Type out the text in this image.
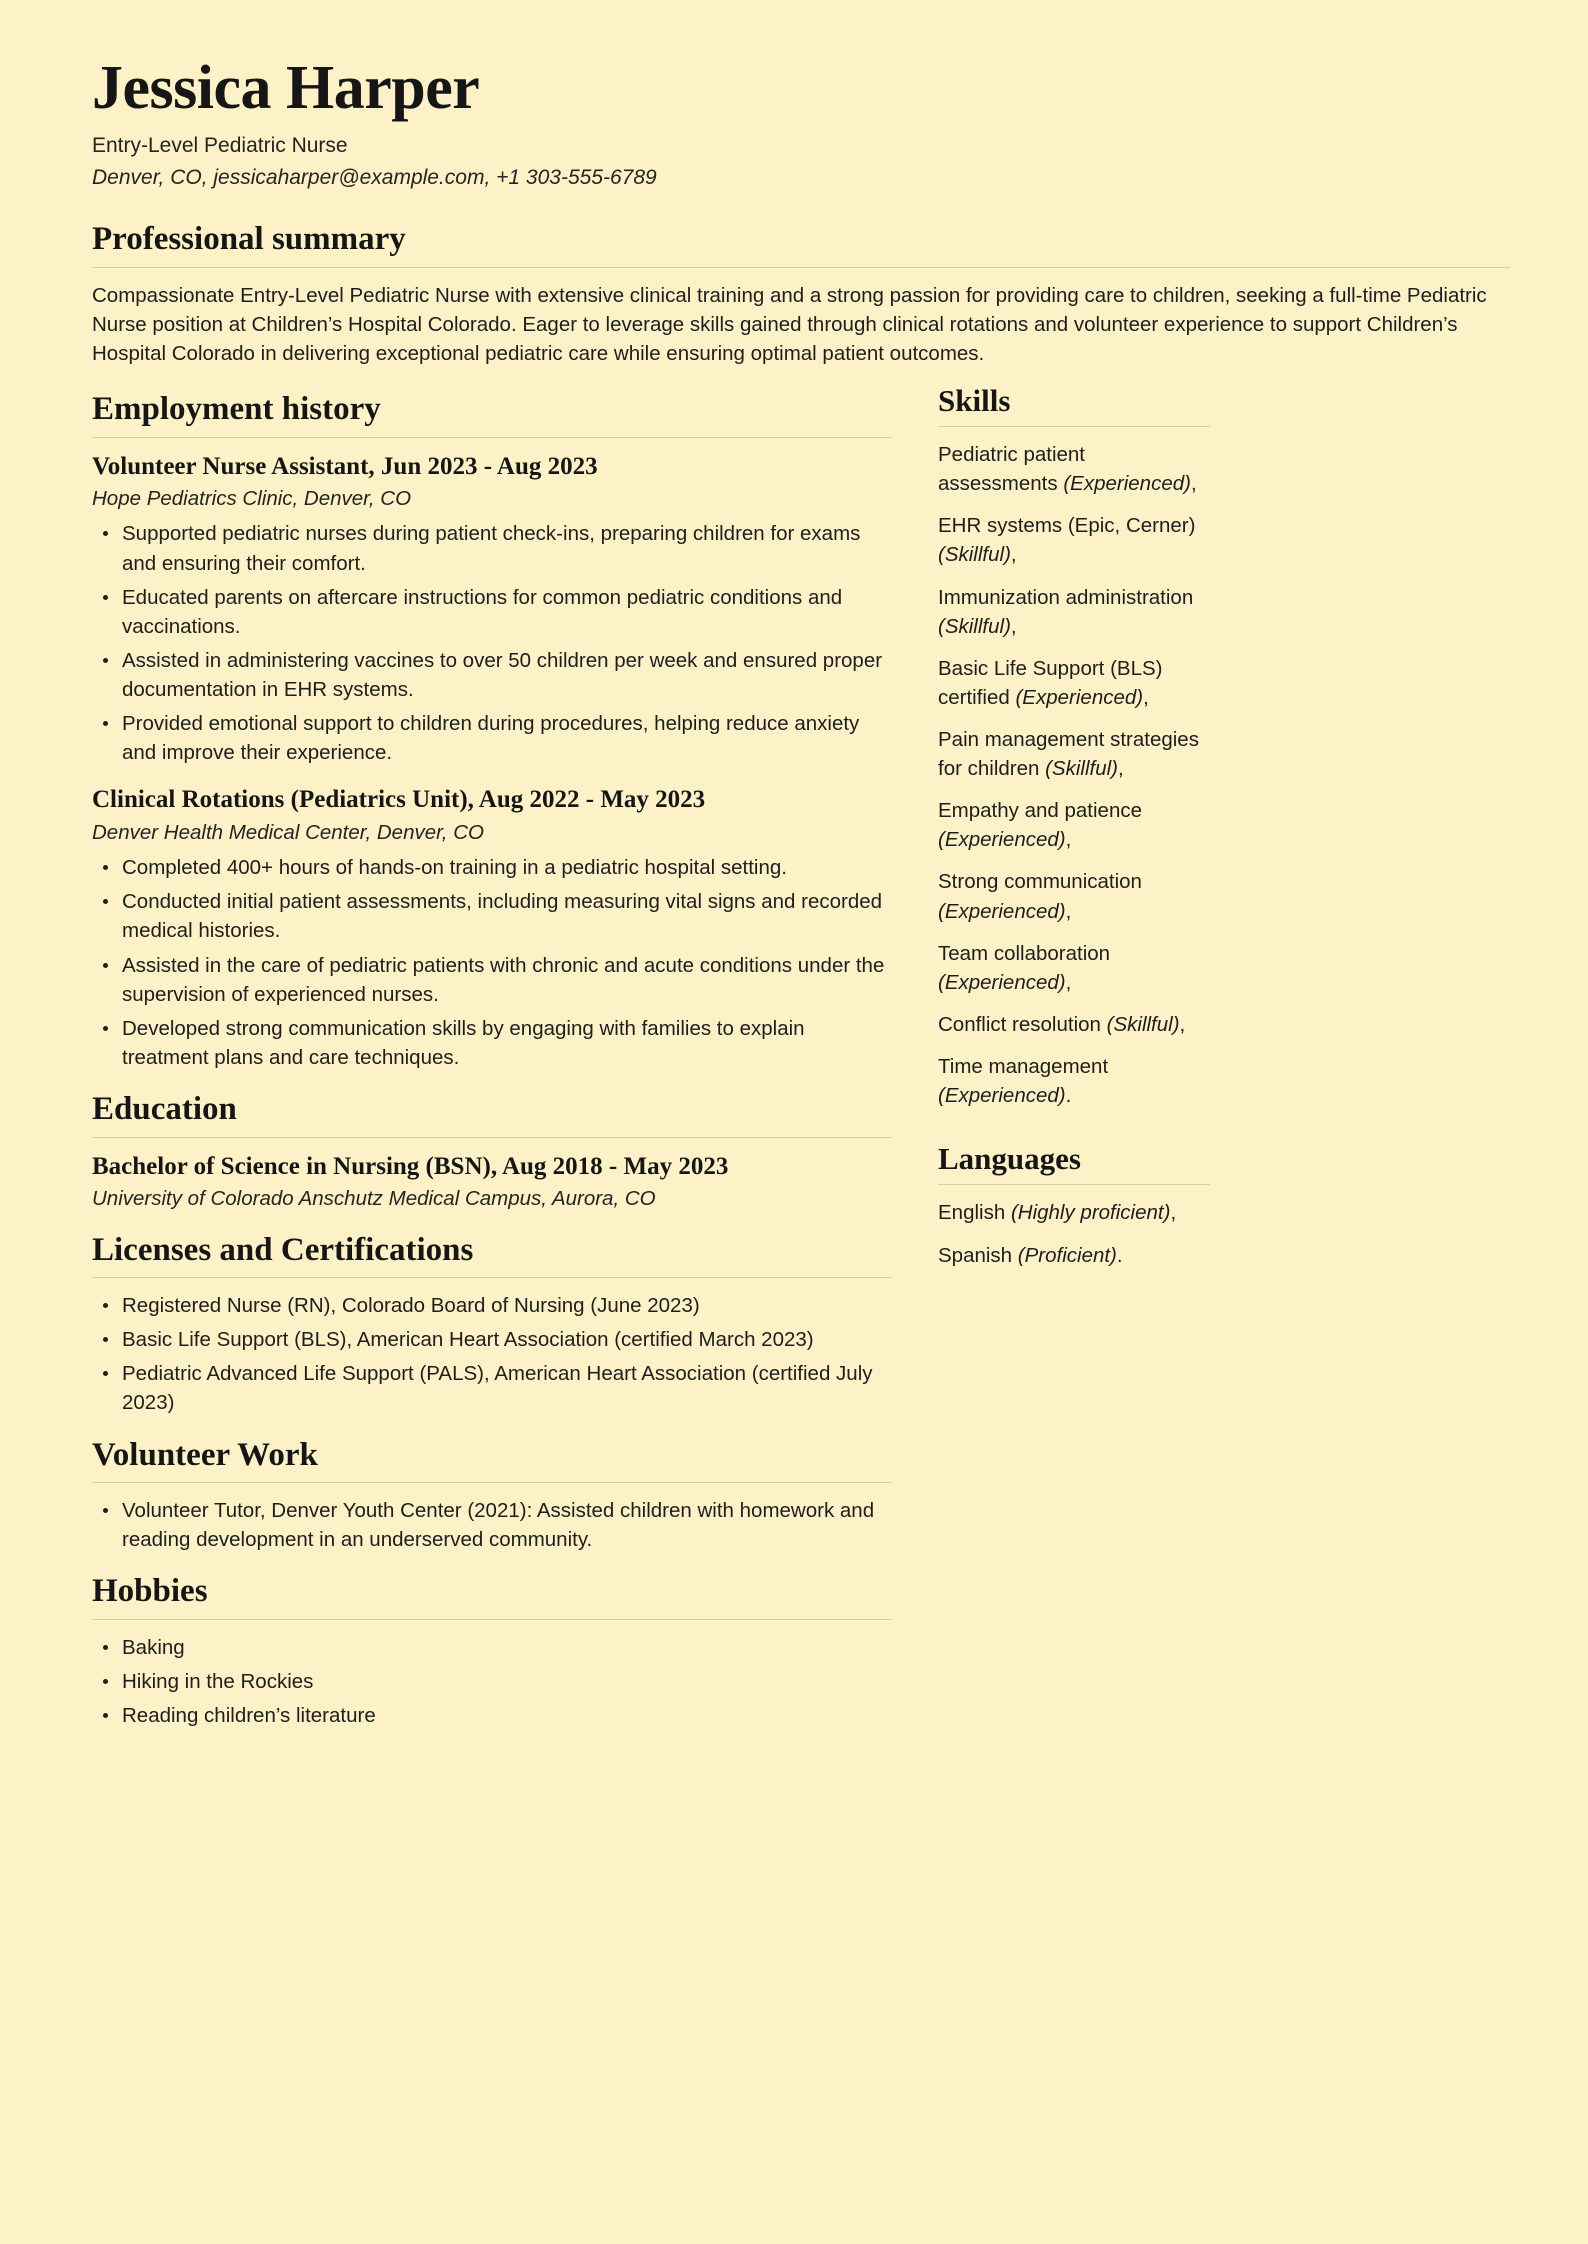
Jessica Harper
Entry-Level Pediatric Nurse
Denver, CO, jessicaharper@example.com, +1 303-555-6789
Professional summary

Compassionate Entry-Level Pediatric Nurse with extensive clinical training and a strong passion for providing care to children, seeking a full-time Pediatric Nurse position at Children’s Hospital Colorado. Eager to leverage skills gained through clinical rotations and volunteer experience to support Children’s Hospital Colorado in delivering exceptional pediatric care while ensuring optimal patient outcomes.

Employment history
Volunteer Nurse Assistant, Jun 2023 - Aug 2023
Hope Pediatrics Clinic, Denver, CO
Supported pediatric nurses during patient check-ins, preparing children for exams and ensuring their comfort.
Educated parents on aftercare instructions for common pediatric conditions and vaccinations.
Assisted in administering vaccines to over 50 children per week and ensured proper documentation in EHR systems.
Provided emotional support to children during procedures, helping reduce anxiety and improve their experience.
Clinical Rotations (Pediatrics Unit), Aug 2022 - May 2023
Denver Health Medical Center, Denver, CO
Completed 400+ hours of hands-on training in a pediatric hospital setting.
Conducted initial patient assessments, including measuring vital signs and recorded medical histories.
Assisted in the care of pediatric patients with chronic and acute conditions under the supervision of experienced nurses.
Developed strong communication skills by engaging with families to explain treatment plans and care techniques.
Education
Bachelor of Science in Nursing (BSN), Aug 2018 - May 2023
University of Colorado Anschutz Medical Campus, Aurora, CO
Licenses and Certifications
Registered Nurse (RN), Colorado Board of Nursing (June 2023)
Basic Life Support (BLS), American Heart Association (certified March 2023)
Pediatric Advanced Life Support (PALS), American Heart Association (certified July 2023)
Volunteer Work
Volunteer Tutor, Denver Youth Center (2021): Assisted children with homework and reading development in an underserved community.
Hobbies
Baking
Hiking in the Rockies
Reading children’s literature
Skills
Pediatric patient assessments (Experienced),
EHR systems (Epic, Cerner) (Skillful),
Immunization administration (Skillful),
Basic Life Support (BLS) certified (Experienced),
Pain management strategies for children (Skillful),
Empathy and patience (Experienced),
Strong communication (Experienced),
Team collaboration (Experienced),
Conflict resolution (Skillful),
Time management (Experienced).
Languages
English (Highly proficient),
Spanish (Proficient).
